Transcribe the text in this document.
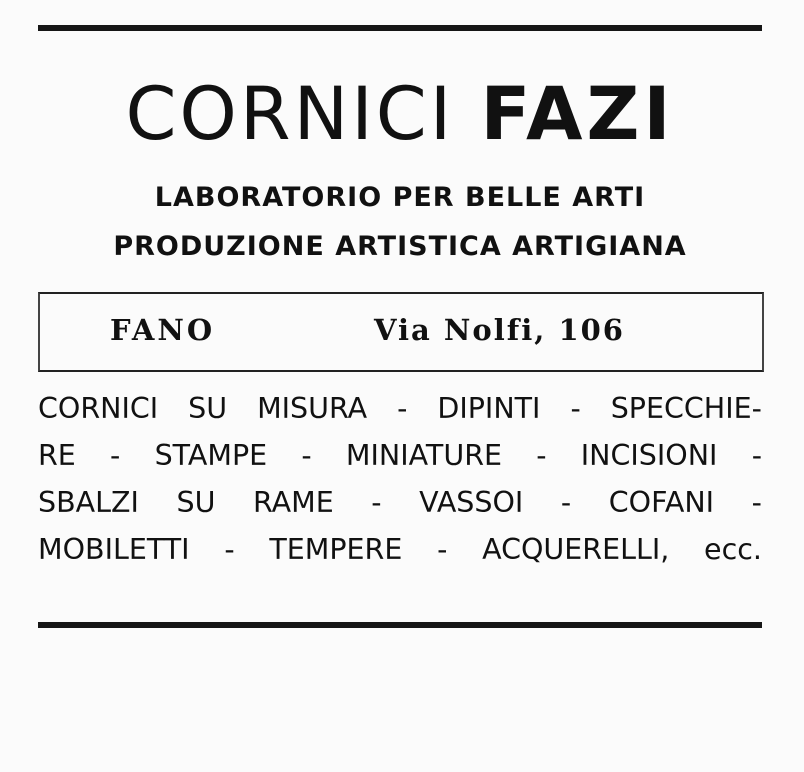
CORNICI FAZI
LABORATORIO PER BELLE ARTI
PRODUZIONE ARTISTICA ARTIGIANA
FANO	Via Nolfi, 106
CORNICI SU MISURA - DIPINTI - SPECCHIE-
RE - STAMPE - MINIATURE - INCISIONI -
SBALZI SU RAME - VASSOI - COFANI -
MOBILETTI - TEMPERE - ACQUERELLI, ecc.
